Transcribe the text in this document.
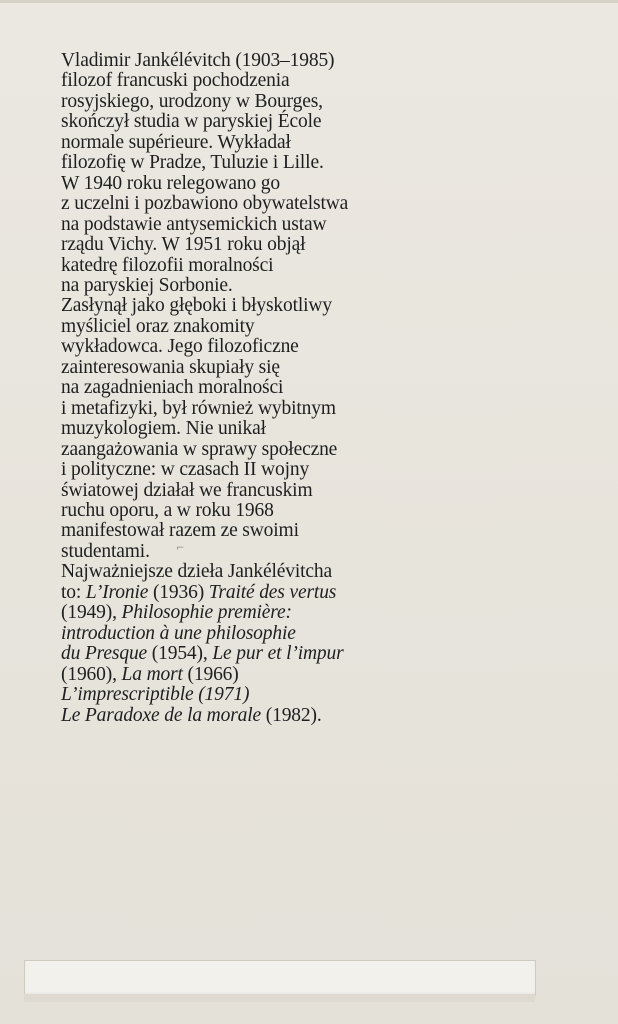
Vladimir Jankélévitch (1903–1985)
filozof francuski pochodzenia
rosyjskiego, urodzony w Bourges,
skończył studia w paryskiej École
normale supérieure. Wykładał
filozofię w Pradze, Tuluzie i Lille.
W 1940 roku relegowano go
z uczelni i pozbawiono obywatelstwa
na podstawie antysemickich ustaw
rządu Vichy. W 1951 roku objął
katedrę filozofii moralności
na paryskiej Sorbonie.
Zasłynął jako głęboki i błyskotliwy
myśliciel oraz znakomity
wykładowca. Jego filozoficzne
zainteresowania skupiały się
na zagadnieniach moralności
i metafizyki, był również wybitnym
muzykologiem. Nie unikał
zaangażowania w sprawy społeczne
i polityczne: w czasach II wojny
światowej działał we francuskim
ruchu oporu, a w roku 1968
manifestował razem ze swoimi
studentami.
Najważniejsze dzieła Jankélévitcha
to: L’Ironie (1936) Traité des vertus
(1949), Philosophie première:
introduction à une philosophie
du Presque (1954), Le pur et l’impur
(1960), La mort (1966)
L’imprescriptible (1971)
Le Paradoxe de la morale (1982).
⌐
